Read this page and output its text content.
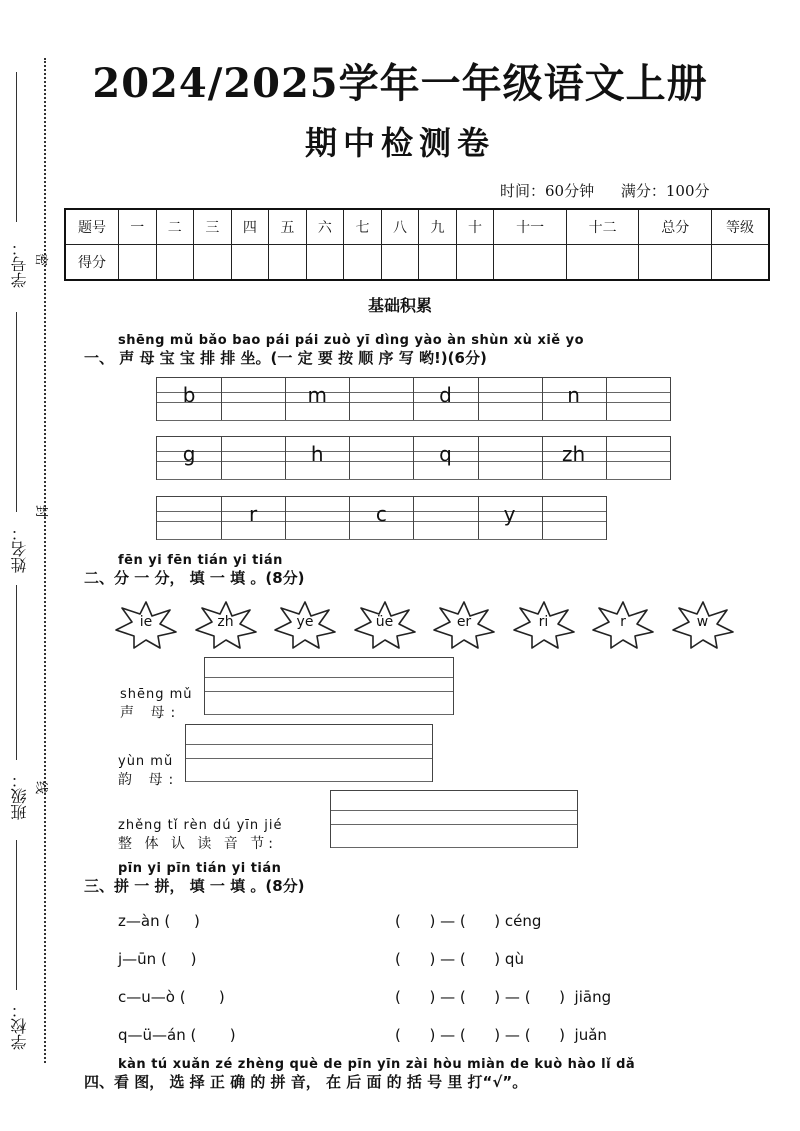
学号：
姓名：
班级：
学校：
密
封
线
2024/2025学年一年级语文上册
期中检测卷
时间：60分钟 满分：100分
题号	一	二	三	四	五	六	七	八	九	十	十一	十二	总分	等级
得分														
基础积累
shēng mǔ bǎo bao pái pái zuò yī dìng yào àn shùn xù xiě yo
一、 声 母 宝 宝 排 排 坐。(一 定 要 按 顺 序 写 哟!)(6分)
b	m	d	n
g	h	q	zh
r	c	y
fēn yi fēn tián yi tián
二、分 一 分， 填 一 填 。(8分)
ie	zh	ye	üe	er	ri	r	w
shēng mǔ
声 母:
yùn mǔ
韵 母:
zhěng tǐ rèn dú yīn jié
整 体 认 读 音 节:
pīn yi pīn tián yi tián
三、拼 一 拼， 填 一 填 。(8分)
z—àn (     )	(      ) — (      ) céng
j—ūn (     )	(      ) — (      ) qù
c—u—ò (       )	(      ) — (      ) — (      )  jiāng
q—ü—án (       )	(      ) — (      ) — (      )  juǎn
kàn tú xuǎn zé zhèng què de pīn yīn zài hòu miàn de kuò hào lǐ dǎ
四、看 图， 选 择 正 确 的 拼 音， 在 后 面 的 括 号 里 打“√”。
